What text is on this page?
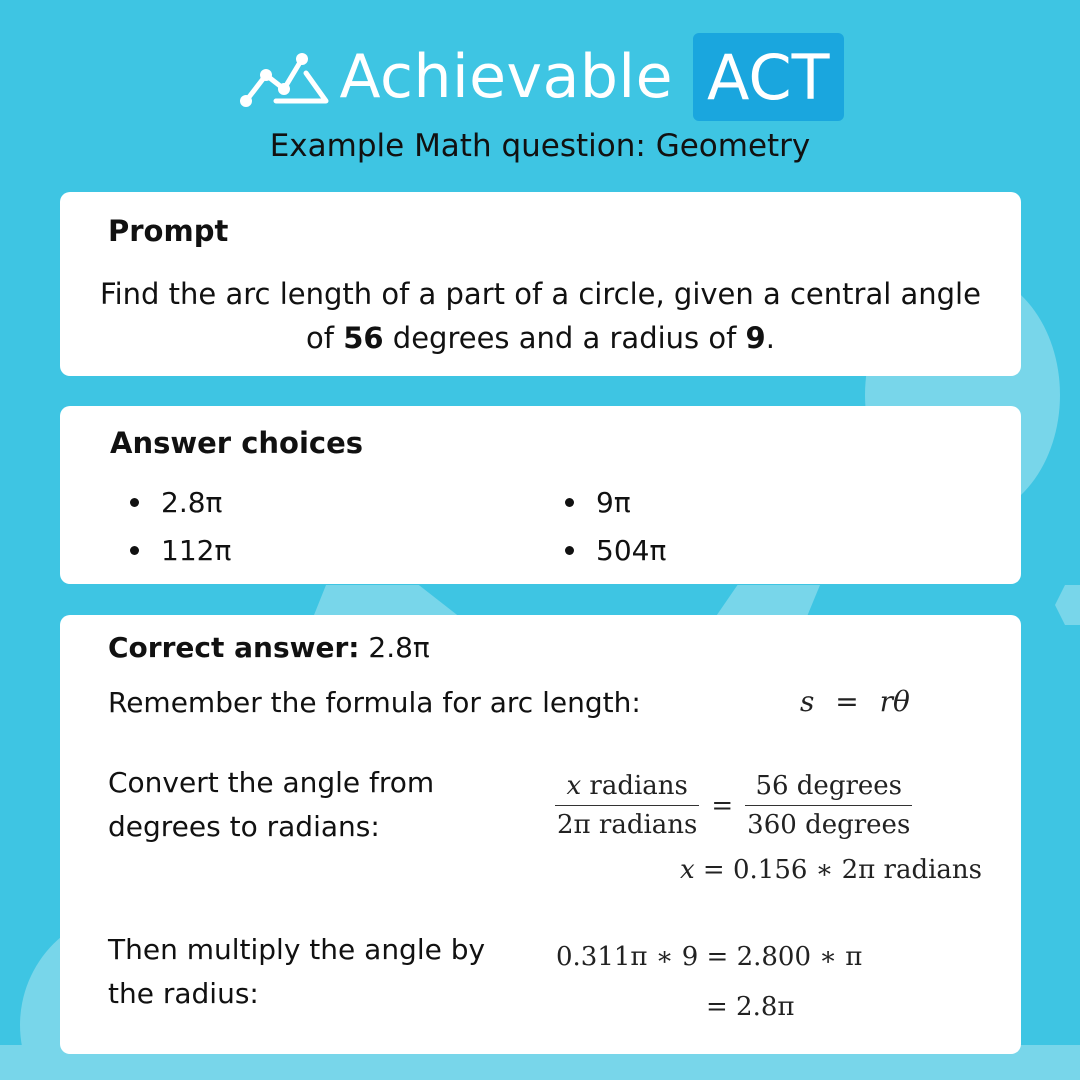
Achievable ACT
Example Math question: Geometry
Prompt
Find the arc length of a part of a circle, given a central angle of 56 degrees and a radius of 9.
Answer choices
2.8π	9π
112π	504π
Correct answer: 2.8π
Remember the formula for arc length:	s = rθ
Convert the angle from degrees to radians:	$\frac{\text{x radians}}{\text{2π radians}} = \frac{\text{56 degrees}}{\text{360 degrees}}$
x = 0.156 ∗ 2π radians
Then multiply the angle by the radius:
0.311π ∗ 9 = 2.800 ∗ π
= 2.8π
